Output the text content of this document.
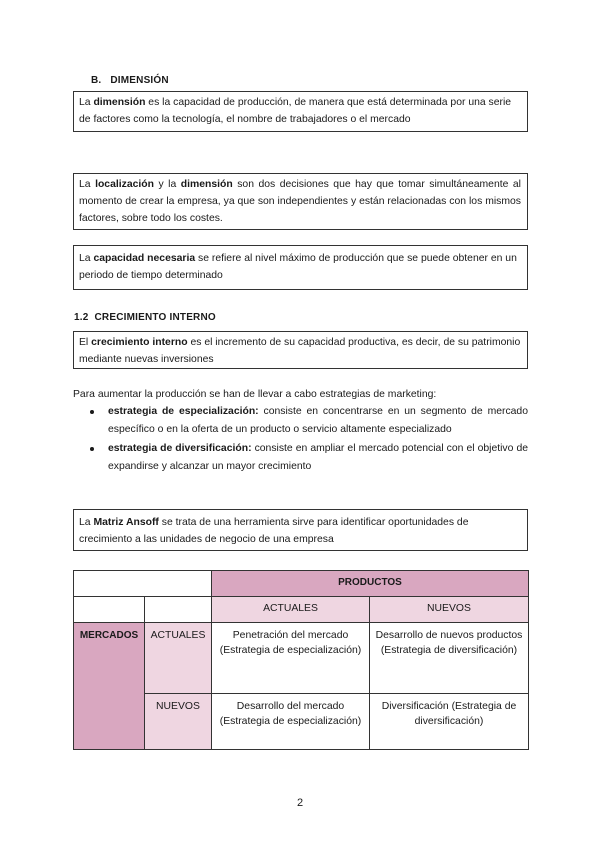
B. DIMENSIÓN
La dimensión es la capacidad de producción, de manera que está determinada por una serie de factores como la tecnología, el nombre de trabajadores o el mercado
La localización y la dimensión son dos decisiones que hay que tomar simultáneamente al momento de crear la empresa, ya que son independientes y están relacionadas con los mismos factores, sobre todo los costes.
La capacidad necesaria se refiere al nivel máximo de producción que se puede obtener en un periodo de tiempo determinado
1.2 CRECIMIENTO INTERNO
El crecimiento interno es el incremento de su capacidad productiva, es decir, de su patrimonio mediante nuevas inversiones
Para aumentar la producción se han de llevar a cabo estrategias de marketing:
estrategia de especialización: consiste en concentrarse en un segmento de mercado específico o en la oferta de un producto o servicio altamente especializado
estrategia de diversificación: consiste en ampliar el mercado potencial con el objetivo de expandirse y alcanzar un mayor crecimiento
La Matriz Ansoff se trata de una herramienta sirve para identificar oportunidades de crecimiento a las unidades de negocio de una empresa
		PRODUCTOS	
		ACTUALES	NUEVOS
MERCADOS	ACTUALES	Penetración del mercado (Estrategia de especialización)	Desarrollo de nuevos productos (Estrategia de diversificación)
	NUEVOS	Desarrollo del mercado (Estrategia de especialización)	Diversificación (Estrategia de diversificación)
2
